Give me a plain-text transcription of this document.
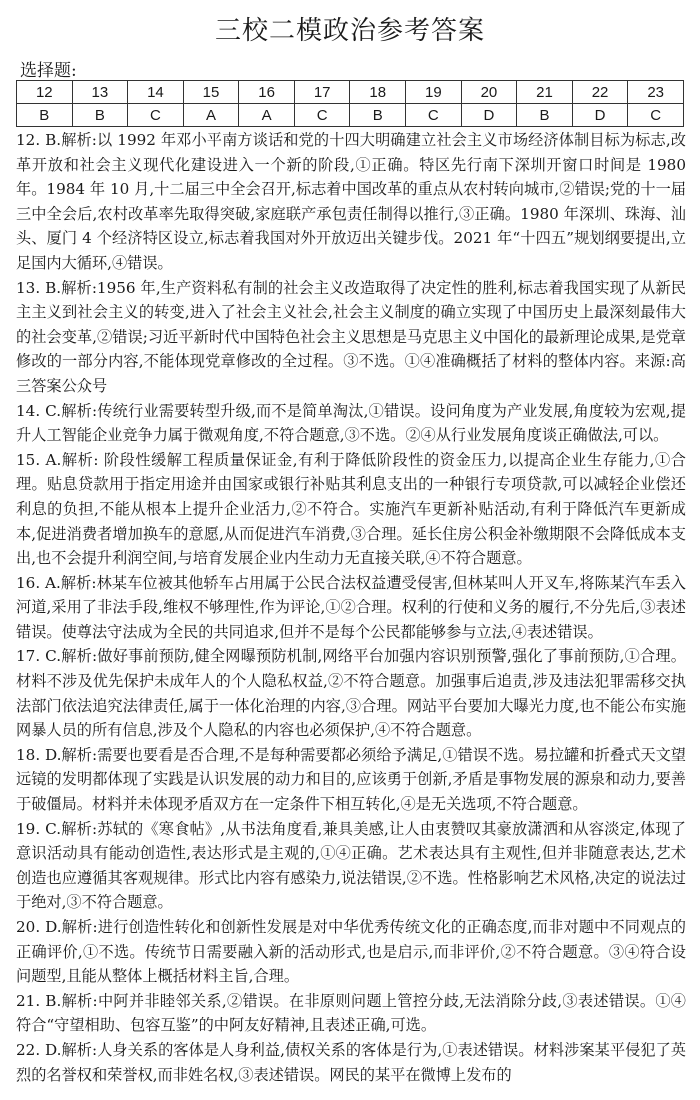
三校二模政治参考答案
选择题:
12	13	14	15	16	17	18	19	20	21	22	23
B	B	C	A	A	C	B	C	D	B	D	C

12. B.解析:以 1992 年邓小平南方谈话和党的十四大明确建立社会主义市场经济体制目标为标志,改革开放和社会主义现代化建设进入一个新的阶段,①正确。特区先行南下深圳开窗口时间是 1980 年。1984 年 10 月,十二届三中全会召开,标志着中国改革的重点从农村转向城市,②错误;党的十一届三中全会后,农村改革率先取得突破,家庭联产承包责任制得以推行,③正确。1980 年深圳、珠海、汕头、厦门 4 个经济特区设立,标志着我国对外开放迈出关键步伐。2021 年“十四五”规划纲要提出,立足国内大循环,④错误。

13. B.解析:1956 年,生产资料私有制的社会主义改造取得了决定性的胜利,标志着我国实现了从新民主主义到社会主义的转变,进入了社会主义社会,社会主义制度的确立实现了中国历史上最深刻最伟大的社会变革,②错误;习近平新时代中国特色社会主义思想是马克思主义中国化的最新理论成果,是党章修改的一部分内容,不能体现党章修改的全过程。③不选。①④准确概括了材料的整体内容。来源:高三答案公众号

14. C.解析:传统行业需要转型升级,而不是简单淘汰,①错误。设问角度为产业发展,角度较为宏观,提升人工智能企业竞争力属于微观角度,不符合题意,③不选。②④从行业发展角度谈正确做法,可以。

15. A.解析: 阶段性缓解工程质量保证金,有利于降低阶段性的资金压力,以提高企业生存能力,①合理。贴息贷款用于指定用途并由国家或银行补贴其利息支出的一种银行专项贷款,可以减轻企业偿还利息的负担,不能从根本上提升企业活力,②不符合。实施汽车更新补贴活动,有利于降低汽车更新成本,促进消费者增加换车的意愿,从而促进汽车消费,③合理。延长住房公积金补缴期限不会降低成本支出,也不会提升利润空间,与培育发展企业内生动力无直接关联,④不符合题意。

16. A.解析:林某车位被其他轿车占用属于公民合法权益遭受侵害,但林某叫人开叉车,将陈某汽车丢入河道,采用了非法手段,维权不够理性,作为评论,①②合理。权利的行使和义务的履行,不分先后,③表述错误。使尊法守法成为全民的共同追求,但并不是每个公民都能够参与立法,④表述错误。

17. C.解析:做好事前预防,健全网曝预防机制,网络平台加强内容识别预警,强化了事前预防,①合理。材料不涉及优先保护未成年人的个人隐私权益,②不符合题意。加强事后追责,涉及违法犯罪需移交执法部门依法追究法律责任,属于一体化治理的内容,③合理。网站平台要加大曝光力度,也不能公布实施网暴人员的所有信息,涉及个人隐私的内容也必须保护,④不符合题意。

18. D.解析:需要也要看是否合理,不是每种需要都必须给予满足,①错误不选。易拉罐和折叠式天文望远镜的发明都体现了实践是认识发展的动力和目的,应该勇于创新,矛盾是事物发展的源泉和动力,要善于破僵局。材料并未体现矛盾双方在一定条件下相互转化,④是无关选项,不符合题意。

19. C.解析:苏轼的《寒食帖》,从书法角度看,兼具美感,让人由衷赞叹其豪放潇洒和从容淡定,体现了意识活动具有能动创造性,表达形式是主观的,①④正确。艺术表达具有主观性,但并非随意表达,艺术创造也应遵循其客观规律。形式比内容有感染力,说法错误,②不选。性格影响艺术风格,决定的说法过于绝对,③不符合题意。

20. D.解析:进行创造性转化和创新性发展是对中华优秀传统文化的正确态度,而非对题中不同观点的正确评价,①不选。传统节日需要融入新的活动形式,也是启示,而非评价,②不符合题意。③④符合设问题型,且能从整体上概括材料主旨,合理。

21. B.解析:中阿并非睦邻关系,②错误。在非原则问题上管控分歧,无法消除分歧,③表述错误。①④符合“守望相助、包容互鉴”的中阿友好精神,且表述正确,可选。

22. D.解析:人身关系的客体是人身利益,债权关系的客体是行为,①表述错误。材料涉案某平侵犯了英烈的名誉权和荣誉权,而非姓名权,③表述错误。网民的某平在微博上发布的
